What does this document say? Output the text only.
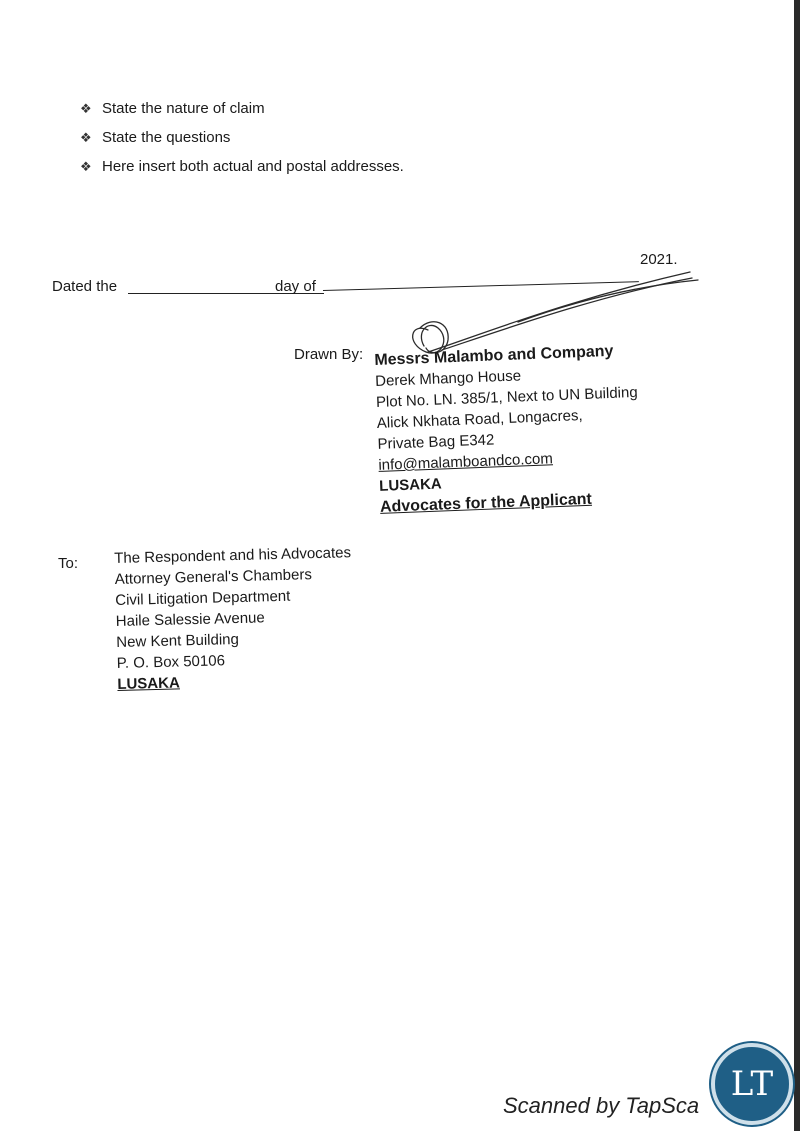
❖ State the nature of claim
❖ State the questions
❖ Here insert both actual and postal addresses.
Dated the	day of
2021.
Drawn By: Messrs Malambo and Company
Derek Mhango House
Plot No. LN. 385/1, Next to UN Building
Alick Nkhata Road, Longacres,
Private Bag E342
info@malamboandco.com
LUSAKA
Advocates for the Applicant
To: The Respondent and his Advocates
Attorney General's Chambers
Civil Litigation Department
Haile Salessie Avenue
New Kent Building
P. O. Box 50106
LUSAKA
Scanned by TapSca
LT
